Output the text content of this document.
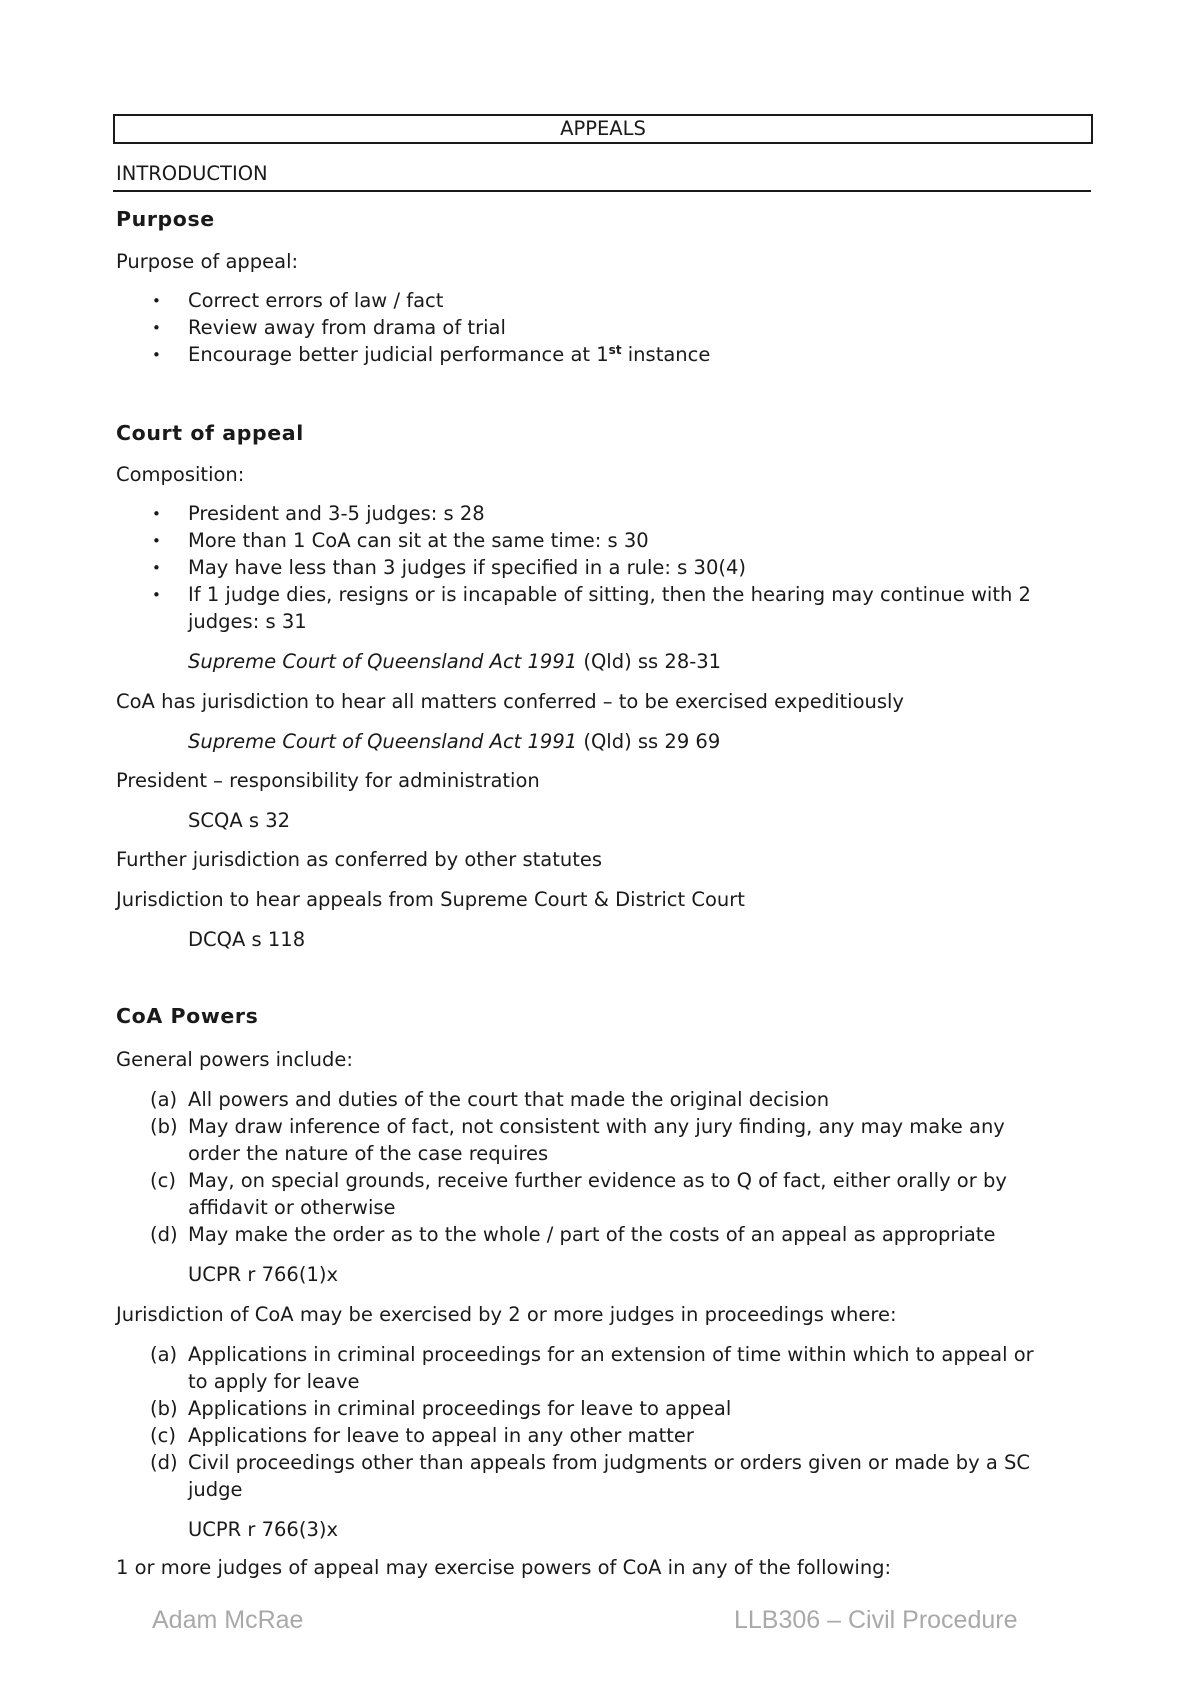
APPEALS
INTRODUCTION
Purpose
Purpose of appeal:
• Correct errors of law / fact
• Review away from drama of trial
• Encourage better judicial performance at 1st instance
Court of appeal
Composition:
• President and 3-5 judges: s 28
• More than 1 CoA can sit at the same time: s 30
• May have less than 3 judges if specified in a rule: s 30(4)
• If 1 judge dies, resigns or is incapable of sitting, then the hearing may continue with 2
judges: s 31
Supreme Court of Queensland Act 1991 (Qld) ss 28-31
CoA has jurisdiction to hear all matters conferred – to be exercised expeditiously
Supreme Court of Queensland Act 1991 (Qld) ss 29 69
President – responsibility for administration
SCQA s 32
Further jurisdiction as conferred by other statutes
Jurisdiction to hear appeals from Supreme Court & District Court
DCQA s 118
CoA Powers
General powers include:
(a) All powers and duties of the court that made the original decision
(b) May draw inference of fact, not consistent with any jury finding, any may make any
order the nature of the case requires
(c) May, on special grounds, receive further evidence as to Q of fact, either orally or by
affidavit or otherwise
(d) May make the order as to the whole / part of the costs of an appeal as appropriate
UCPR r 766(1)x
Jurisdiction of CoA may be exercised by 2 or more judges in proceedings where:
(a) Applications in criminal proceedings for an extension of time within which to appeal or
to apply for leave
(b) Applications in criminal proceedings for leave to appeal
(c) Applications for leave to appeal in any other matter
(d) Civil proceedings other than appeals from judgments or orders given or made by a SC
judge
UCPR r 766(3)x
1 or more judges of appeal may exercise powers of CoA in any of the following:
Adam McRae	LLB306 – Civil Procedure
